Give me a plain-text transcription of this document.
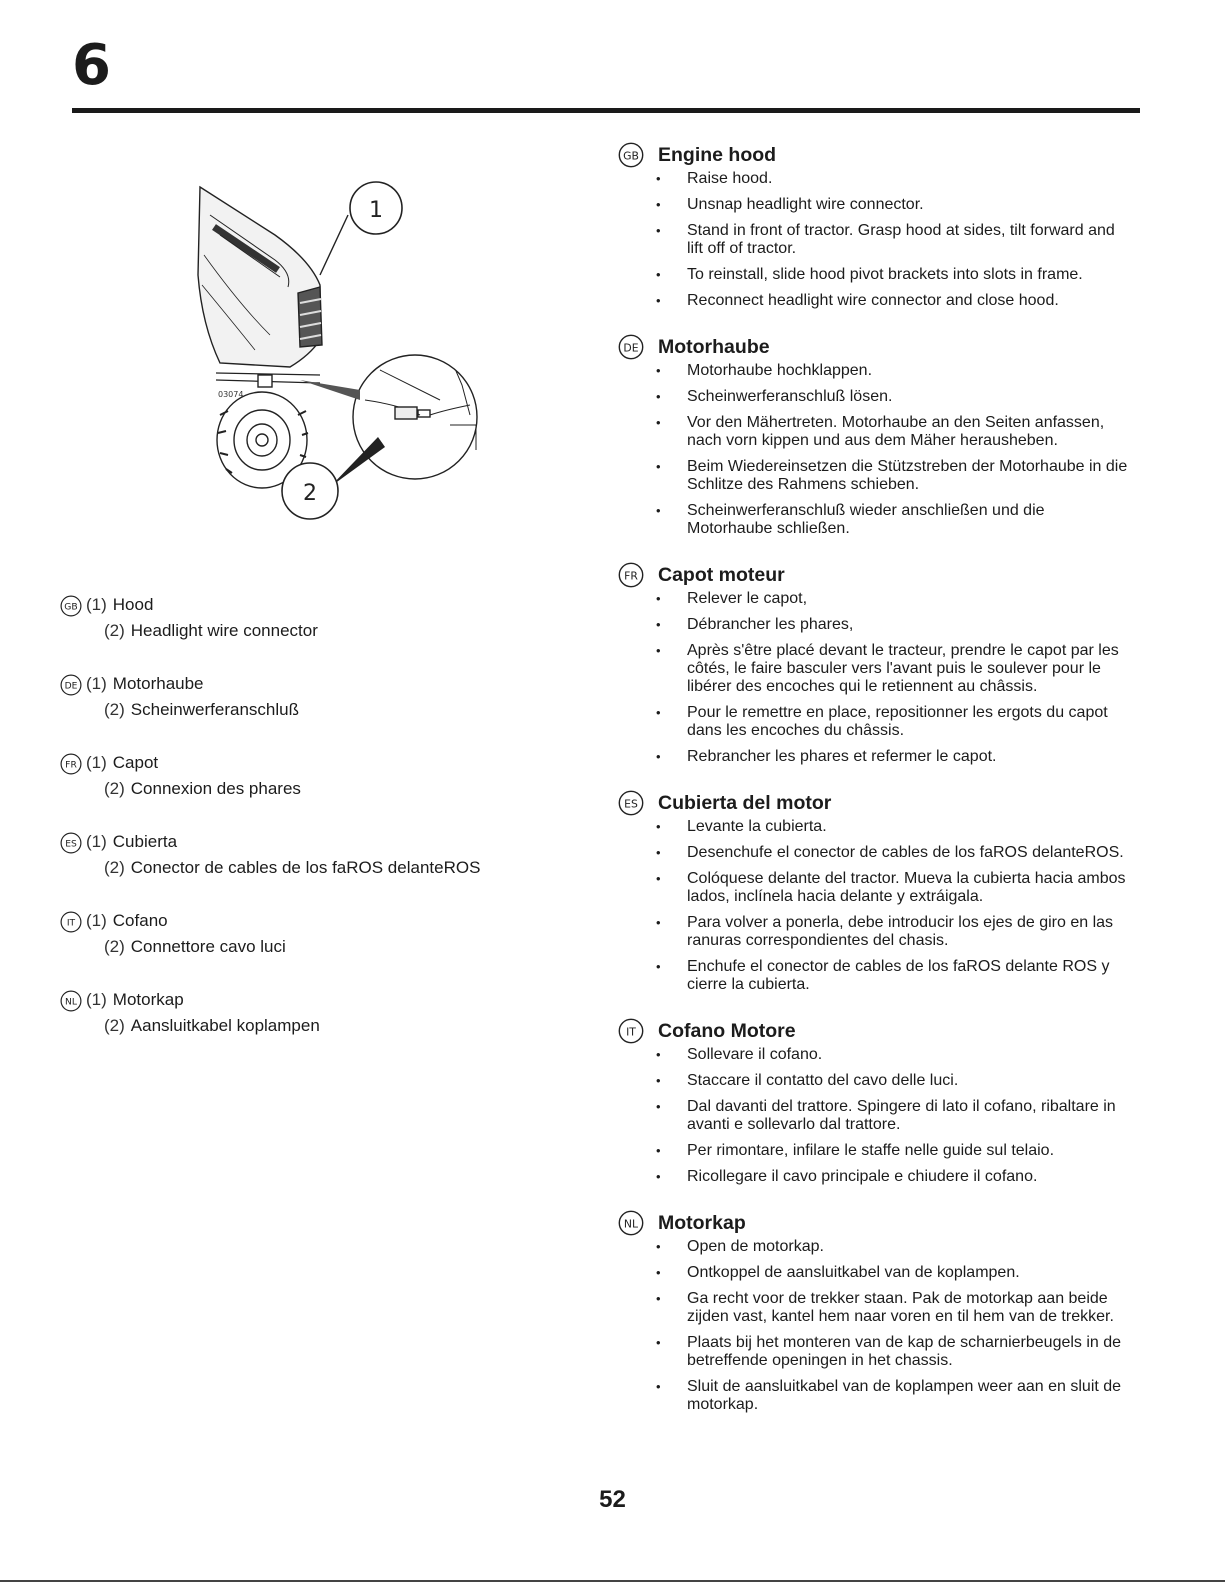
6
03074
1
2
GB (1) Hood
(2) Headlight wire connector
DE (1) Motorhaube
(2) Scheinwerferanschluß
FR (1) Capot
(2) Connexion des phares
ES (1) Cubierta
(2) Conector de cables de los faROS delanteROS
IT (1) Cofano
(2) Connettore cavo luci
NL (1) Motorkap
(2) Aansluitkabel koplampen
GB Engine hood
• Raise hood.
• Unsnap headlight wire connector.
• Stand in front of tractor. Grasp hood at sides, tilt forward and lift off of tractor.
• To reinstall, slide hood pivot brackets into slots in frame.
• Reconnect headlight wire connector and close hood.
DE Motorhaube
• Motorhaube hochklappen.
• Scheinwerferanschluß lösen.
• Vor den Mähertreten. Motorhaube an den Seiten anfassen, nach vorn kippen und aus dem Mäher herausheben.
• Beim Wiedereinsetzen die Stützstreben der Motorhaube in die Schlitze des Rahmens schieben.
• Scheinwerferanschluß wieder anschließen und die Motorhaube schließen.
FR Capot moteur
• Relever le capot,
• Débrancher les phares,
• Après s'être placé devant le tracteur, prendre le capot par les côtés, le faire basculer vers l'avant puis le soulever pour le libérer des encoches qui le retiennent au châssis.
• Pour le remettre en place, repositionner les ergots du capot dans les encoches du châssis.
• Rebrancher les phares et refermer le capot.
ES Cubierta del motor
• Levante la cubierta.
• Desenchufe el conector de cables de los faROS delanteROS.
• Colóquese delante del tractor. Mueva la cubierta hacia ambos lados, inclínela hacia delante y extráigala.
• Para volver a ponerla, debe introducir los ejes de giro en las ranuras correspondientes del chasis.
• Enchufe el conector de cables de los faROS delante ROS y cierre la cubierta.
IT Cofano Motore
• Sollevare il cofano.
• Staccare il contatto del cavo delle luci.
• Dal davanti del trattore. Spingere di lato il cofano, ribaltare in avanti e sollevarlo dal trattore.
• Per rimontare, infilare le staffe nelle guide sul telaio.
• Ricollegare il cavo principale e chiudere il cofano.
NL Motorkap
• Open de motorkap.
• Ontkoppel de aansluitkabel van de koplampen.
• Ga recht voor de trekker staan. Pak de motorkap aan beide zijden vast, kantel hem naar voren en til hem van de trekker.
• Plaats bij het monteren van de kap de scharnierbeugels in de betreffende openingen in het chassis.
• Sluit de aansluitkabel van de koplampen weer aan en sluit de motorkap.
52
